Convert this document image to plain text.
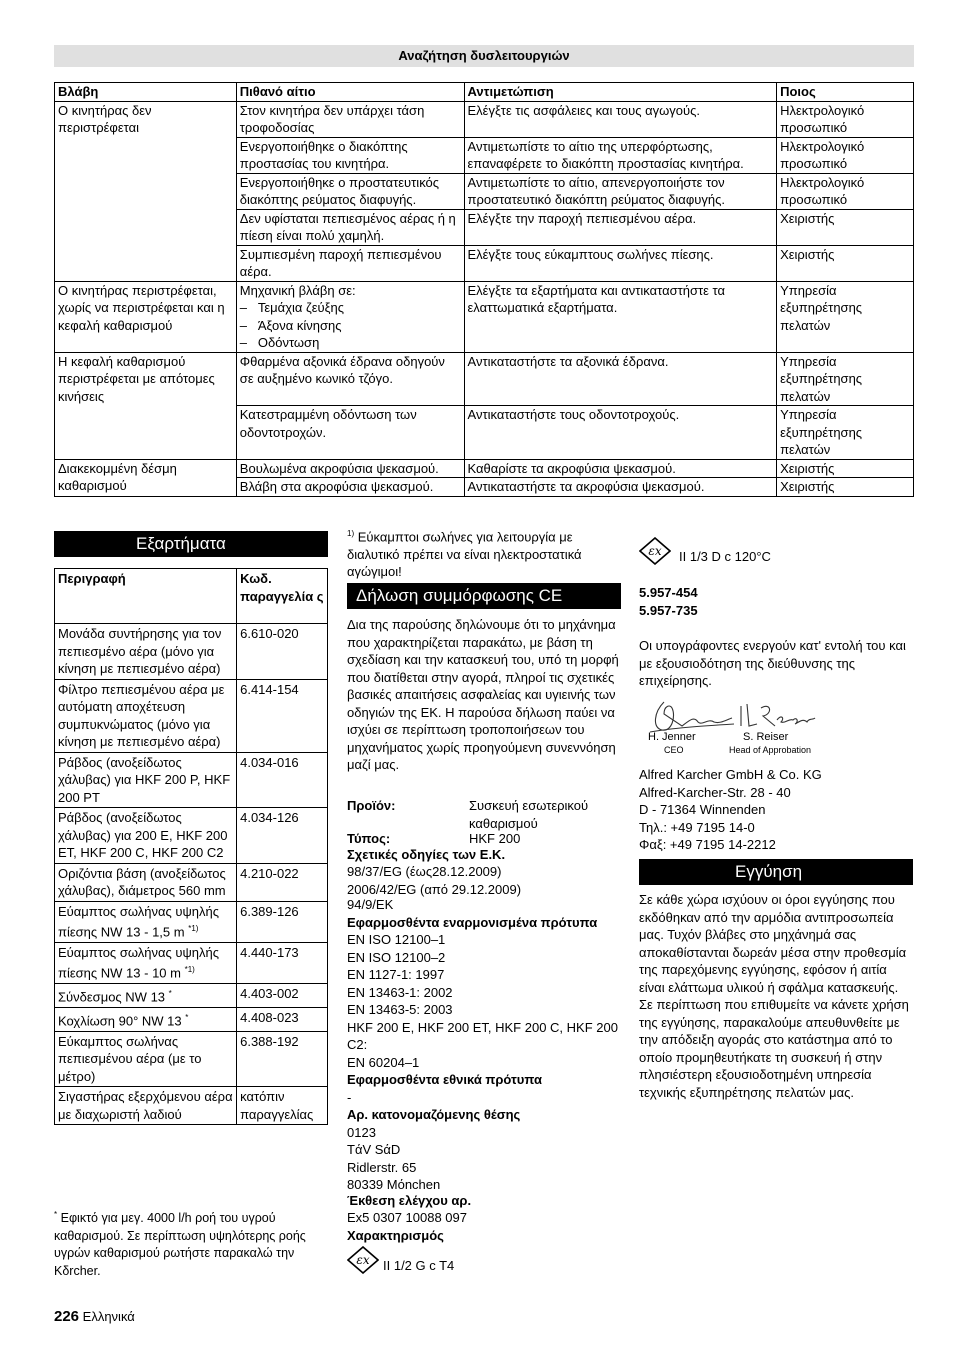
Αναζήτηση δυσλειτουργιών
Βλάβη	Πιθανό αίτιο	Αντιμετώπιση	Ποιος
Ο κινητήρας δεν περιστρέφεται	Στον κινητήρα δεν υπάρχει τάση τροφοδοσίας	Ελέγξτε τις ασφάλειες και τους αγωγούς.	Ηλεκτρολογικό προσωπικό
	Ενεργοποιήθηκε ο διακόπτης προστασίας του κινητήρα.	Αντιμετωπίστε το αίτιο της υπερφόρτωσης, επαναφέρετε το διακόπτη προστασίας κινητήρα.	Ηλεκτρολογικό προσωπικό
	Ενεργοποιήθηκε ο προστατευτικός διακόπτης ρεύματος διαφυγής.	Αντιμετωπίστε το αίτιο, απενεργοποιήστε τον προστατευτικό διακόπτη ρεύματος διαφυγής.	Ηλεκτρολογικό προσωπικό
	Δεν υφίσταται πεπιεσμένος αέρας ή η πίεση είναι πολύ χαμηλή.	Ελέγξτε την παροχή πεπιεσμένου αέρα.	Χειριστής
	Συμπιεσμένη παροχή πεπιεσμένου αέρα.	Ελέγξτε τους εύκαμπτους σωλήνες πίεσης.	Χειριστής
Ο κινητήρας περιστρέφεται, χωρίς να περιστρέφεται και η κεφαλή καθαρισμού	Μηχανική βλάβη σε:
–   Τεμάχια ζεύξης
–   Άξονα κίνησης
–   Οδόντωση	Ελέγξτε τα εξαρτήματα και αντικαταστήστε τα ελαττωματικά εξαρτήματα.	Υπηρεσία εξυπηρέτησης πελατών
Η κεφαλή καθαρισμού περιστρέφεται με απότομες κινήσεις	Φθαρμένα αξονικά έδρανα οδηγούν σε αυξημένο κωνικό τζόγο.	Αντικαταστήστε τα αξονικά έδρανα.	Υπηρεσία εξυπηρέτησης πελατών
	Κατεστραμμένη οδόντωση των οδοντοτροχών.	Αντικαταστήστε τους οδοντοτροχούς.	Υπηρεσία εξυπηρέτησης πελατών
Διακεκομμένη δέσμη καθαρισμού	Βουλωμένα ακροφύσια ψεκασμού.	Καθαρίστε τα ακροφύσια ψεκασμού.	Χειριστής
	Βλάβη στα ακροφύσια ψεκασμού.	Αντικαταστήστε τα ακροφύσια ψεκασμού.	Χειριστής
Εξαρτήματα
Περιγραφή	Κωδ. παραγγελία ς
Μονάδα συντήρησης για τον πεπιεσμένο αέρα (μόνο για κίνηση με πεπιεσμένο αέρα)	6.610-020
Φίλτρο πεπιεσμένου αέρα με αυτόματη αποχέτευση συμπυκνώματος (μόνο για κίνηση με πεπιεσμένο αέρα)	6.414-154
Ράβδος (ανοξείδωτος χάλυβας) για HKF 200 P, HKF 200 PT	4.034-016
Ράβδος (ανοξείδωτος χάλυβας) για 200 E, HKF 200 ET, HKF 200 C, HKF 200 C2	4.034-126
Οριζόντια βάση (ανοξείδωτος χάλυβας), διάμετρος 560 mm	4.210-022
Εύαμπτος σωλήνας υψηλής πίεσης NW 13 - 1,5 m $^{*1)}$	6.389-126
Εύαμπτος σωλήνας υψηλής πίεσης NW 13 - 10 m $^{*1)}$	4.440-173
Σύνδεσμος NW 13 *	4.403-002
Κοχλίωση 90° NW 13 *	4.408-023
Εύκαμπτος σωλήνας πεπιεσμένου αέρα (με το μέτρο)	6.388-192
Σιγαστήρας εξερχόμενου αέρα με διαχωριστή λαδιού	κατόπιν παραγγελίας
* Εφικτό για μεγ. 4000 l/h ροή του υγρού καθαρισμού. Σε περίπτωση υψηλότερης ροής υγρών καθαρισμού ρωτήστε παρακαλώ την Kδrcher.
226 Ελληνικά
$^{1)}$ Εύκαμπτοι σωλήνες για λειτουργία με διαλυτικό πρέπει να είναι ηλεκτροστατικά αγώγιμοι!
Δήλωση συμμόρφωσης CE
Δια της παρούσης δηλώνουμε ότι το μηχάνημα που χαρακτηρίζεται παρακάτω, με βάση τη σχεδίαση και την κατασκευή του, υπό τη μορφή που διατίθεται στην αγορά, πληροί τις σχετικές βασικές απαιτήσεις ασφαλείας και υγιεινής των οδηγιών της ΕΚ. Η παρούσα δήλωση παύει να ισχύει σε περίπτωση τροποποιήσεων του μηχανήματος χωρίς προηγούμενη συνεννόηση μαζί μας.
Προϊόν:	Συσκευή εσωτερικού καθαρισμού
Τύπος:	HKF 200
Σχετικές οδηγίες των Ε.Κ.
98/37/EG (έως28.12.2009)
2006/42/EG (από 29.12.2009)
94/9/EK
Εφαρμοσθέντα εναρμονισμένα πρότυπα
EN ISO 12100–1
EN ISO 12100–2
EN 1127-1: 1997
EN 13463-1: 2002
EN 13463-5: 2003
HKF 200 E, HKF 200 ET, HKF 200 C, HKF 200 C2:
EN 60204–1
Εφαρμοσθέντα εθνικά πρότυπα
-
Αρ. κατονομαζόμενης θέσης
0123
TάV SάD
Ridlerstr. 65
80339 Mόnchen
Έκθεση ελέγχου αρ.
Ex5 0307 10088 097
Χαρακτηρισμός
εx II 1/2 G c T4
εx II 1/3 D c 120°C
5.957-454
5.957-735
Οι υπογράφοντες ενεργούν κατ' εντολή του και με εξουσιοδότηση της διεύθυνσης της επιχείρησης.
H. Jenner
CEO
S. Reiser
Head of Approbation
Alfred Karcher GmbH & Co. KG
Alfred-Karcher-Str. 28 - 40
D - 71364 Winnenden
Τηλ.: +49 7195 14-0
Φαξ: +49 7195 14-2212
Εγγύηση
Σε κάθε χώρα ισχύουν οι όροι εγγύησης που εκδόθηκαν από την αρμόδια αντιπροσωπεία μας. Τυχόν βλάβες στο μηχάνημά σας αποκαθίστανται δωρεάν μέσα στην προθεσμία της παρεχόμενης εγγύησης, εφόσον ή αιτία είναι ελάττωμα υλικού ή σφάλμα κατασκευής.
Σε περίπτωση που επιθυμείτε να κάνετε χρήση της εγγύησης, παρακαλούμε απευθυνθείτε με την απόδειξη αγοράς στο κατάστημα από το οποίο προμηθευτήκατε τη συσκευή ή στην πλησιέστερη εξουσιοδοτημένη υπηρεσία τεχνικής εξυπηρέτησης πελατών μας.
